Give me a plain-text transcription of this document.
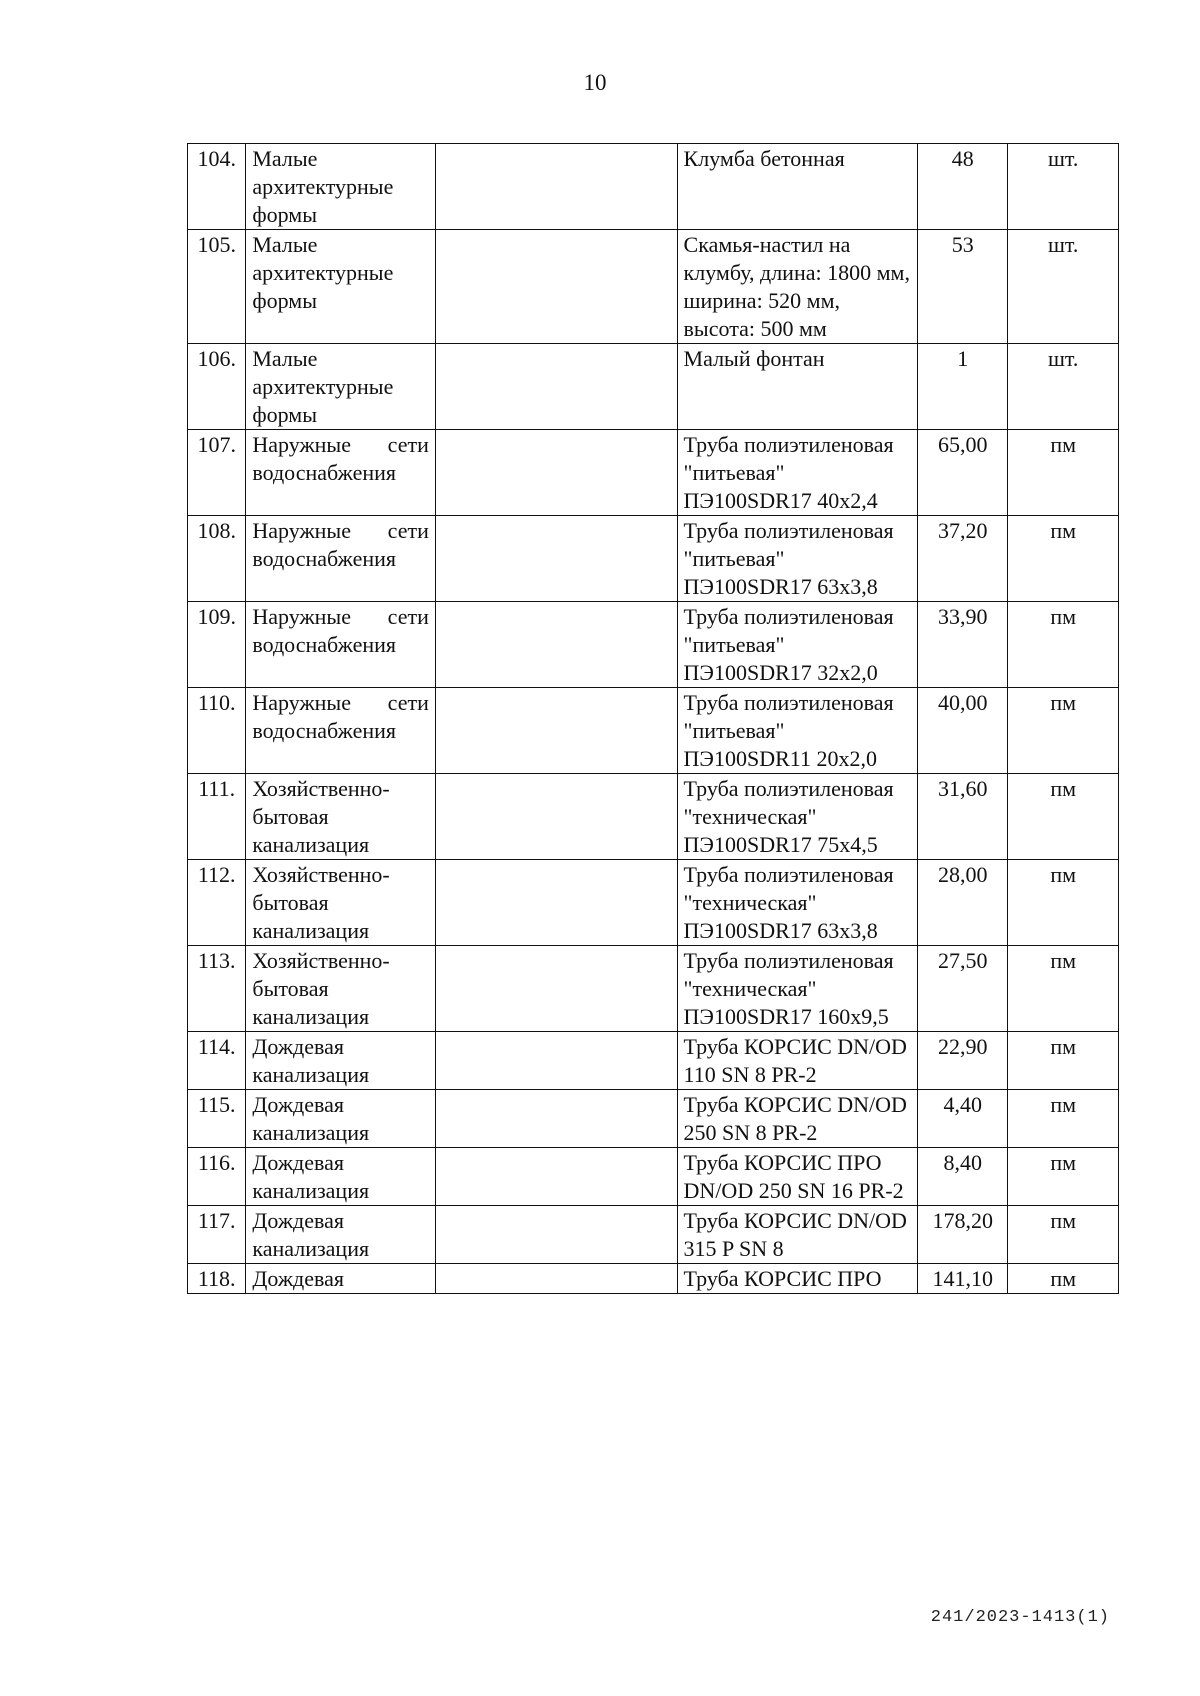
10
104.	Малые архитектурные формы		Клумба бетонная	48	шт.
105.	Малые архитектурные формы		Скамья-настил на клумбу, длина: 1800 мм, ширина: 520 мм, высота: 500 мм	53	шт.
106.	Малые архитектурные формы		Малый фонтан	1	шт.
107.	Наружные сети водоснабжения		Труба полиэтиленовая "питьевая" ПЭ100SDR17 40х2,4	65,00	пм
108.	Наружные сети водоснабжения		Труба полиэтиленовая "питьевая" ПЭ100SDR17 63х3,8	37,20	пм
109.	Наружные сети водоснабжения		Труба полиэтиленовая "питьевая" ПЭ100SDR17 32х2,0	33,90	пм
110.	Наружные сети водоснабжения		Труба полиэтиленовая "питьевая" ПЭ100SDR11 20х2,0	40,00	пм
111.	Хозяйственно-бытовая канализация		Труба полиэтиленовая "техническая" ПЭ100SDR17 75х4,5	31,60	пм
112.	Хозяйственно-бытовая канализация		Труба полиэтиленовая "техническая" ПЭ100SDR17 63х3,8	28,00	пм
113.	Хозяйственно-бытовая канализация		Труба полиэтиленовая "техническая" ПЭ100SDR17 160х9,5	27,50	пм
114.	Дождевая канализация		Труба КОРСИС DN/OD 110 SN 8 PR-2	22,90	пм
115.	Дождевая канализация		Труба КОРСИС DN/OD 250 SN 8 PR-2	4,40	пм
116.	Дождевая канализация		Труба КОРСИС ПРО DN/OD 250 SN 16 PR-2	8,40	пм
117.	Дождевая канализация		Труба КОРСИС DN/OD 315 P SN 8	178,20	пм
118.	Дождевая		Труба КОРСИС ПРО	141,10	пм
241/2023-1413(1)
